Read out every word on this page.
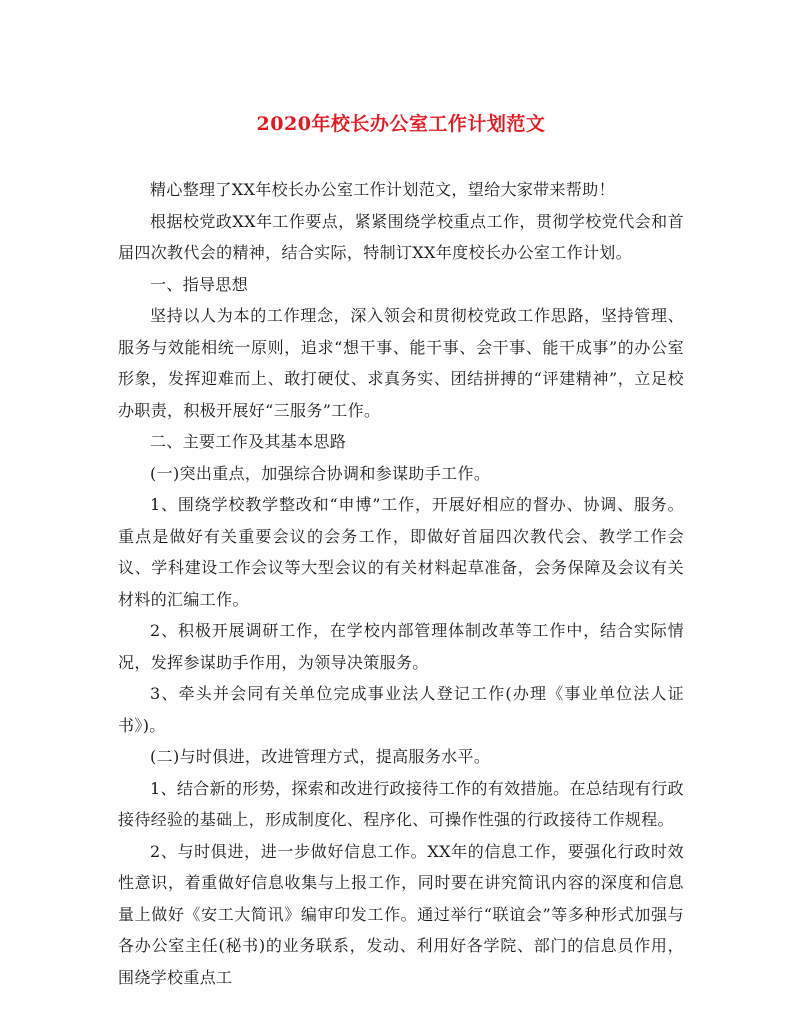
2020年校长办公室工作计划范文

精心整理了XX年校长办公室工作计划范文，望给大家带来帮助！

根据校党政XX年工作要点，紧紧围绕学校重点工作，贯彻学校党代会和首届四次教代会的精神，结合实际，特制订XX年度校长办公室工作计划。

一、指导思想

坚持以人为本的工作理念，深入领会和贯彻校党政工作思路，坚持管理、服务与效能相统一原则，追求“想干事、能干事、会干事、能干成事”的办公室形象，发挥迎难而上、敢打硬仗、求真务实、团结拼搏的“评建精神”，立足校办职责，积极开展好“三服务”工作。

二、主要工作及其基本思路

(一)突出重点，加强综合协调和参谋助手工作。

1、围绕学校教学整改和“申博”工作，开展好相应的督办、协调、服务。重点是做好有关重要会议的会务工作，即做好首届四次教代会、教学工作会议、学科建设工作会议等大型会议的有关材料起草准备，会务保障及会议有关材料的汇编工作。

2、积极开展调研工作，在学校内部管理体制改革等工作中，结合实际情况，发挥参谋助手作用，为领导决策服务。

3、牵头并会同有关单位完成事业法人登记工作(办理《事业单位法人证书》)。

(二)与时俱进，改进管理方式，提高服务水平。

1、结合新的形势，探索和改进行政接待工作的有效措施。在总结现有行政接待经验的基础上，形成制度化、程序化、可操作性强的行政接待工作规程。

2、与时俱进，进一步做好信息工作。XX年的信息工作，要强化行政时效性意识，着重做好信息收集与上报工作，同时要在讲究简讯内容的深度和信息量上做好《安工大简讯》编审印发工作。通过举行“联谊会”等多种形式加强与各办公室主任(秘书)的业务联系，发动、利用好各学院、部门的信息员作用，围绕学校重点工
